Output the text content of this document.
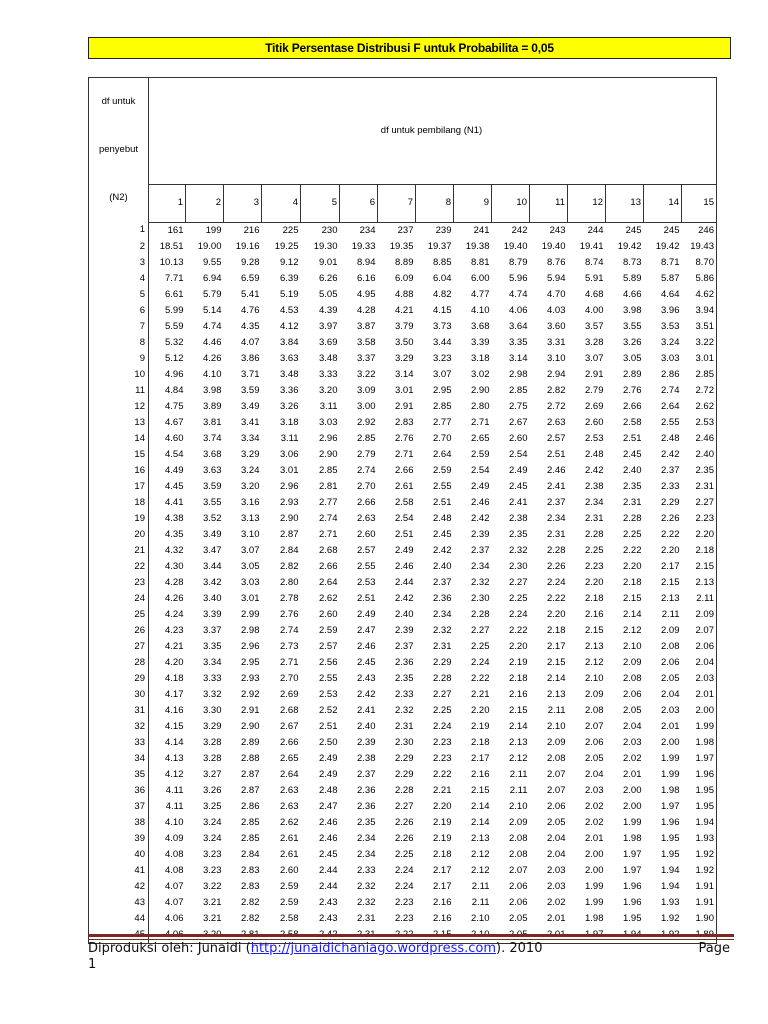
Titik Persentase Distribusi F untuk Probabilita = 0,05
df untuk
penyebut
(N2)	df untuk pembilang (N1)														
	1	2	3	4	5	6	7	8	9	10	11	12	13	14	15
1	161	199	216	225	230	234	237	239	241	242	243	244	245	245	246
2	18.51	19.00	19.16	19.25	19.30	19.33	19.35	19.37	19.38	19.40	19.40	19.41	19.42	19.42	19.43
3	10.13	9.55	9.28	9.12	9.01	8.94	8.89	8.85	8.81	8.79	8.76	8.74	8.73	8.71	8.70
4	7.71	6.94	6.59	6.39	6.26	6.16	6.09	6.04	6.00	5.96	5.94	5.91	5.89	5.87	5.86
5	6.61	5.79	5.41	5.19	5.05	4.95	4.88	4.82	4.77	4.74	4.70	4.68	4.66	4.64	4.62
6	5.99	5.14	4.76	4.53	4.39	4.28	4.21	4.15	4.10	4.06	4.03	4.00	3.98	3.96	3.94
7	5.59	4.74	4.35	4.12	3.97	3.87	3.79	3.73	3.68	3.64	3.60	3.57	3.55	3.53	3.51
8	5.32	4.46	4.07	3.84	3.69	3.58	3.50	3.44	3.39	3.35	3.31	3.28	3.26	3.24	3.22
9	5.12	4.26	3.86	3.63	3.48	3.37	3.29	3.23	3.18	3.14	3.10	3.07	3.05	3.03	3.01
10	4.96	4.10	3.71	3.48	3.33	3.22	3.14	3.07	3.02	2.98	2.94	2.91	2.89	2.86	2.85
11	4.84	3.98	3.59	3.36	3.20	3.09	3.01	2.95	2.90	2.85	2.82	2.79	2.76	2.74	2.72
12	4.75	3.89	3.49	3.26	3.11	3.00	2.91	2.85	2.80	2.75	2.72	2.69	2.66	2.64	2.62
13	4.67	3.81	3.41	3.18	3.03	2.92	2.83	2.77	2.71	2.67	2.63	2.60	2.58	2.55	2.53
14	4.60	3.74	3.34	3.11	2.96	2.85	2.76	2.70	2.65	2.60	2.57	2.53	2.51	2.48	2.46
15	4.54	3.68	3.29	3.06	2.90	2.79	2.71	2.64	2.59	2.54	2.51	2.48	2.45	2.42	2.40
16	4.49	3.63	3.24	3.01	2.85	2.74	2.66	2.59	2.54	2.49	2.46	2.42	2.40	2.37	2.35
17	4.45	3.59	3.20	2.96	2.81	2.70	2.61	2.55	2.49	2.45	2.41	2.38	2.35	2.33	2.31
18	4.41	3.55	3.16	2.93	2.77	2.66	2.58	2.51	2.46	2.41	2.37	2.34	2.31	2.29	2.27
19	4.38	3.52	3.13	2.90	2.74	2.63	2.54	2.48	2.42	2.38	2.34	2.31	2.28	2.26	2.23
20	4.35	3.49	3.10	2.87	2.71	2.60	2.51	2.45	2.39	2.35	2.31	2.28	2.25	2.22	2.20
21	4.32	3.47	3.07	2.84	2.68	2.57	2.49	2.42	2.37	2.32	2.28	2.25	2.22	2.20	2.18
22	4.30	3.44	3.05	2.82	2.66	2.55	2.46	2.40	2.34	2.30	2.26	2.23	2.20	2.17	2.15
23	4.28	3.42	3.03	2.80	2.64	2.53	2.44	2.37	2.32	2.27	2.24	2.20	2.18	2.15	2.13
24	4.26	3.40	3.01	2.78	2.62	2.51	2.42	2.36	2.30	2.25	2.22	2.18	2.15	2.13	2.11
25	4.24	3.39	2.99	2.76	2.60	2.49	2.40	2.34	2.28	2.24	2.20	2.16	2.14	2.11	2.09
26	4.23	3.37	2.98	2.74	2.59	2.47	2.39	2.32	2.27	2.22	2.18	2.15	2.12	2.09	2.07
27	4.21	3.35	2.96	2.73	2.57	2.46	2.37	2.31	2.25	2.20	2.17	2.13	2.10	2.08	2.06
28	4.20	3.34	2.95	2.71	2.56	2.45	2.36	2.29	2.24	2.19	2.15	2.12	2.09	2.06	2.04
29	4.18	3.33	2.93	2.70	2.55	2.43	2.35	2.28	2.22	2.18	2.14	2.10	2.08	2.05	2.03
30	4.17	3.32	2.92	2.69	2.53	2.42	2.33	2.27	2.21	2.16	2.13	2.09	2.06	2.04	2.01
31	4.16	3.30	2.91	2.68	2.52	2.41	2.32	2.25	2.20	2.15	2.11	2.08	2.05	2.03	2.00
32	4.15	3.29	2.90	2.67	2.51	2.40	2.31	2.24	2.19	2.14	2.10	2.07	2.04	2.01	1.99
33	4.14	3.28	2.89	2.66	2.50	2.39	2.30	2.23	2.18	2.13	2.09	2.06	2.03	2.00	1.98
34	4.13	3.28	2.88	2.65	2.49	2.38	2.29	2.23	2.17	2.12	2.08	2.05	2.02	1.99	1.97
35	4.12	3.27	2.87	2.64	2.49	2.37	2.29	2.22	2.16	2.11	2.07	2.04	2.01	1.99	1.96
36	4.11	3.26	2.87	2.63	2.48	2.36	2.28	2.21	2.15	2.11	2.07	2.03	2.00	1.98	1.95
37	4.11	3.25	2.86	2.63	2.47	2.36	2.27	2.20	2.14	2.10	2.06	2.02	2.00	1.97	1.95
38	4.10	3.24	2.85	2.62	2.46	2.35	2.26	2.19	2.14	2.09	2.05	2.02	1.99	1.96	1.94
39	4.09	3.24	2.85	2.61	2.46	2.34	2.26	2.19	2.13	2.08	2.04	2.01	1.98	1.95	1.93
40	4.08	3.23	2.84	2.61	2.45	2.34	2.25	2.18	2.12	2.08	2.04	2.00	1.97	1.95	1.92
41	4.08	3.23	2.83	2.60	2.44	2.33	2.24	2.17	2.12	2.07	2.03	2.00	1.97	1.94	1.92
42	4.07	3.22	2.83	2.59	2.44	2.32	2.24	2.17	2.11	2.06	2.03	1.99	1.96	1.94	1.91
43	4.07	3.21	2.82	2.59	2.43	2.32	2.23	2.16	2.11	2.06	2.02	1.99	1.96	1.93	1.91
44	4.06	3.21	2.82	2.58	2.43	2.31	2.23	2.16	2.10	2.05	2.01	1.98	1.95	1.92	1.90

Diproduksi oleh: Junaidi (http://junaidichaniago.wordpress.com). 2010	Page
1
